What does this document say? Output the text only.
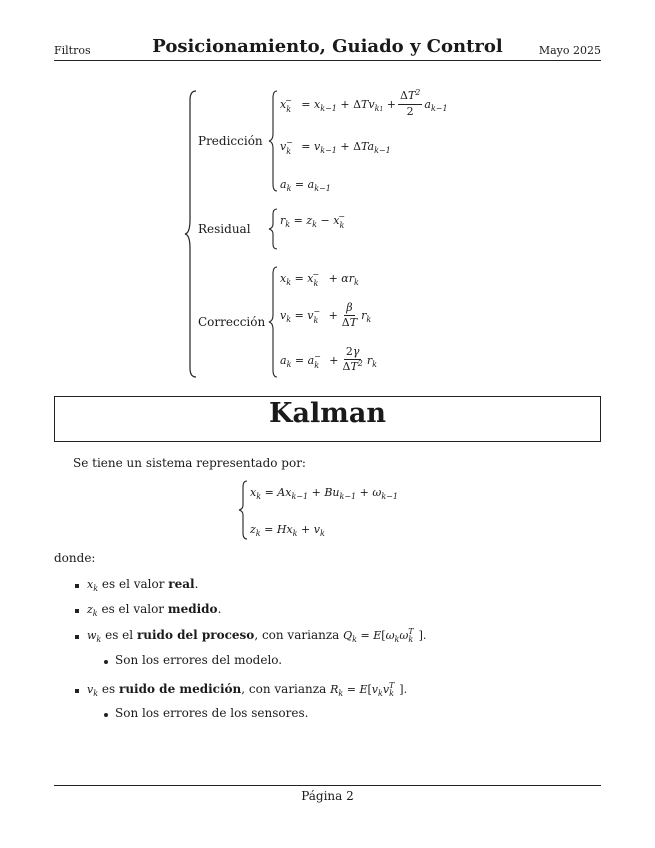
Filtros	Posicionamiento, Guiado y Control	Mayo 2025
Predicción
$x_k^- = x_{k-1} + \Delta$ $Tv_{k1} + \frac{\Delta T^2}{2} a_{k-1}$
$v_k^- = v_{k-1} + \Delta Ta_{k-1}$
$a_k = a_{k-1}$
Residual
$r_k = z_k - x_k^-$
Corrección
$x_k = x_k^- + \alpha r_k$
$v_k = v_k^- + \frac{\beta}{\Delta T} r_k$
$a_k = a_k^- + \frac{2\gamma}{\Delta T^2} r_k$
Kalman
Se tiene un sistema representado por:
$x_k = Ax_{k-1} + Bu_{k-1} + \omega_{k-1}$
$z_k = Hx_k + v_k$
donde:
$x_k$ es el valor real.
$z_k$ es el valor medido.
$w_k$ es el ruido del proceso, con varianza $Q_k = E[\omega_k\omega_k^T$ ].
Son los errores del modelo.
$v_k$ es ruido de medición, con varianza $R_k = E[v_kv_k^T$ ].
Son los errores de los sensores.
Página 2
